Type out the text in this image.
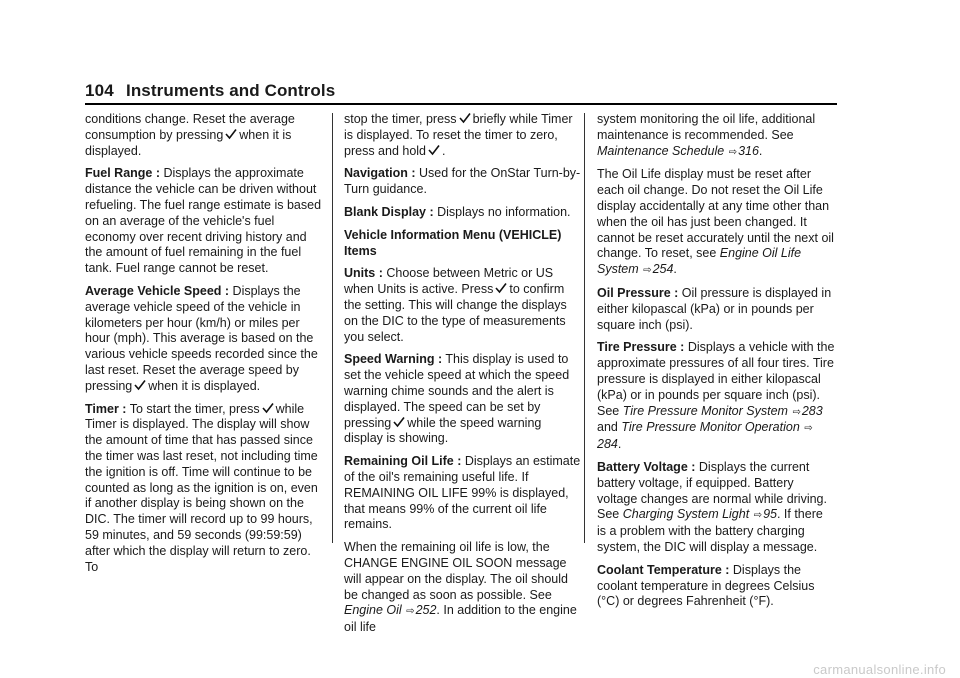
104 Instruments and Controls

conditions change. Reset the average consumption by pressing when it is displayed.

Fuel Range : Displays the approximate distance the vehicle can be driven without refueling. The fuel range estimate is based on an average of the vehicle's fuel economy over recent driving history and the amount of fuel remaining in the fuel tank. Fuel range cannot be reset.

Average Vehicle Speed : Displays the average vehicle speed of the vehicle in kilometers per hour (km/h) or miles per hour (mph). This average is based on the various vehicle speeds recorded since the last reset. Reset the average speed by pressing when it is displayed.

Timer : To start the timer, press while Timer is displayed. The display will show the amount of time that has passed since the timer was last reset, not including time the ignition is off. Time will continue to be counted as long as the ignition is on, even if another display is being shown on the DIC. The timer will record up to 99 hours, 59 minutes, and 59 seconds (99:59:59) after which the display will return to zero. To

stop the timer, press briefly while Timer is displayed. To reset the timer to zero, press and hold .

Navigation : Used for the OnStar Turn-by-Turn guidance.

Blank Display : Displays no information.

Vehicle Information Menu (VEHICLE) Items

Units : Choose between Metric or US when Units is active. Press to confirm the setting. This will change the displays on the DIC to the type of measurements you select.

Speed Warning : This display is used to set the vehicle speed at which the speed warning chime sounds and the alert is displayed. The speed can be set by pressing while the speed warning display is showing.

Remaining Oil Life : Displays an estimate of the oil's remaining useful life. If REMAINING OIL LIFE 99% is displayed, that means 99% of the current oil life remains.

When the remaining oil life is low, the CHANGE ENGINE OIL SOON message will appear on the display. The oil should be changed as soon as possible. See Engine Oil ⇨252. In addition to the engine oil life

system monitoring the oil life, additional maintenance is recommended. See Maintenance Schedule ⇨316.

The Oil Life display must be reset after each oil change. Do not reset the Oil Life display accidentally at any time other than when the oil has just been changed. It cannot be reset accurately until the next oil change. To reset, see Engine Oil Life System ⇨254.

Oil Pressure : Oil pressure is displayed in either kilopascal (kPa) or in pounds per square inch (psi).

Tire Pressure : Displays a vehicle with the approximate pressures of all four tires. Tire pressure is displayed in either kilopascal (kPa) or in pounds per square inch (psi). See Tire Pressure Monitor System ⇨283 and Tire Pressure Monitor Operation ⇨284.

Battery Voltage : Displays the current battery voltage, if equipped. Battery voltage changes are normal while driving. See Charging System Light ⇨95. If there is a problem with the battery charging system, the DIC will display a message.

Coolant Temperature : Displays the coolant temperature in degrees Celsius (°C) or degrees Fahrenheit (°F).

carmanualsonline.info
